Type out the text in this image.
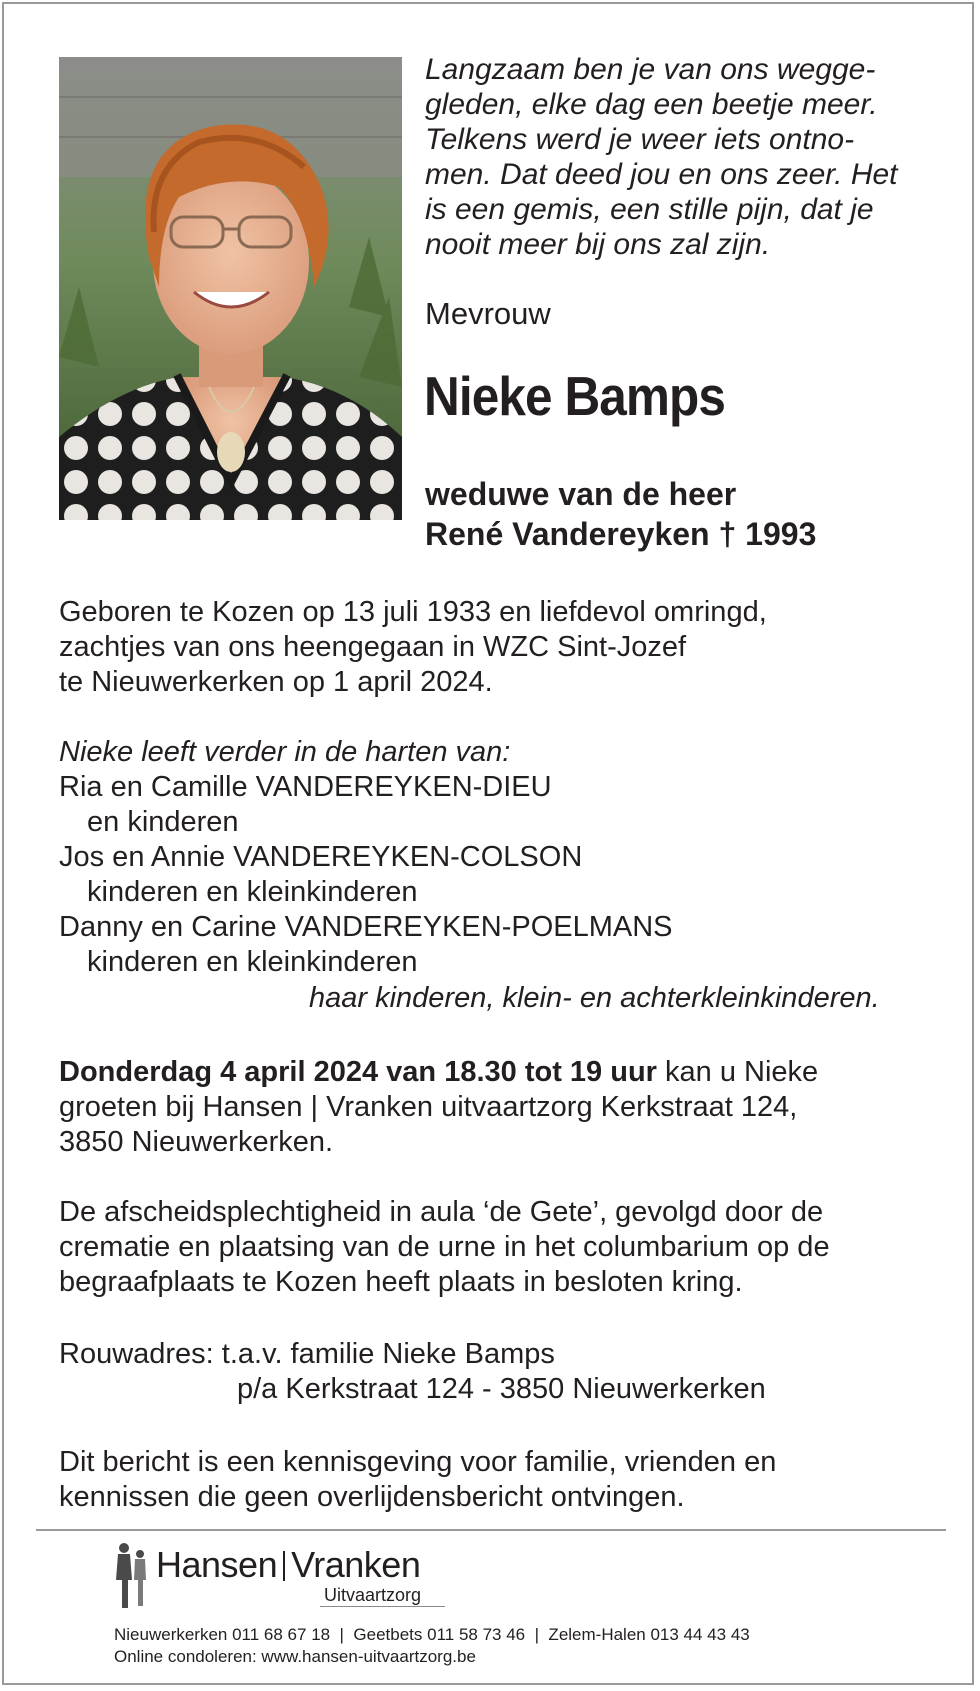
Langzaam ben je van ons wegge-
gleden, elke dag een beetje meer.
Telkens werd je weer iets ontno-
men. Dat deed jou en ons zeer. Het
is een gemis, een stille pijn, dat je
nooit meer bij ons zal zijn.
Mevrouw
Nieke Bamps
weduwe van de heer
René Vandereyken † 1993
Geboren te Kozen op 13 juli 1933 en liefdevol omringd,
zachtjes van ons heengegaan in WZC Sint-Jozef
te Nieuwerkerken op 1 april 2024.
Nieke leeft verder in de harten van:
Ria en Camille VANDEREYKEN-DIEU
en kinderen
Jos en Annie VANDEREYKEN-COLSON
kinderen en kleinkinderen
Danny en Carine VANDEREYKEN-POELMANS
kinderen en kleinkinderen
haar kinderen, klein- en achterkleinkinderen.
Donderdag 4 april 2024 van 18.30 tot 19 uur kan u Nieke
groeten bij Hansen | Vranken uitvaartzorg Kerkstraat 124,
3850 Nieuwerkerken.
De afscheidsplechtigheid in aula ‘de Gete’, gevolgd door de
crematie en plaatsing van de urne in het columbarium op de
begraafplaats te Kozen heeft plaats in besloten kring.
Rouwadres: t.a.v. familie Nieke Bamps
p/a Kerkstraat 124 - 3850 Nieuwerkerken
Dit bericht is een kennisgeving voor familie, vrienden en
kennissen die geen overlijdensbericht ontvingen.
Hansen Vranken
Uitvaartzorg
Nieuwerkerken 011 68 67 18  |  Geetbets 011 58 73 46  |  Zelem-Halen 013 44 43 43
Online condoleren: www.hansen-uitvaartzorg.be
